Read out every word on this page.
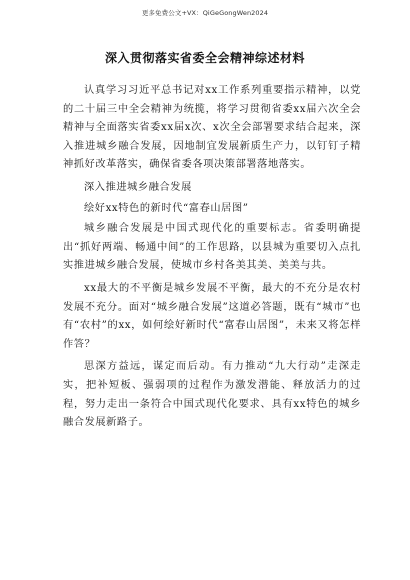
更多免费公文+VX：QiGeGongWen2024
深入贯彻落实省委全会精神综述材料

认真学习习近平总书记对xx工作系列重要指示精神，以党的二十届三中全会精神为统揽，将学习贯彻省委xx届六次全会精神与全面落实省委xx届x次、x次全会部署要求结合起来，深入推进城乡融合发展，因地制宜发展新质生产力，以钉钉子精神抓好改革落实，确保省委各项决策部署落地落实。

深入推进城乡融合发展

绘好xx特色的新时代“富春山居图”

城乡融合发展是中国式现代化的重要标志。省委明确提出“抓好两端、畅通中间”的工作思路，以县城为重要切入点扎实推进城乡融合发展，使城市乡村各美其美、美美与共。

xx最大的不平衡是城乡发展不平衡，最大的不充分是农村发展不充分。面对“城乡融合发展”这道必答题，既有“城市”也有“农村”的xx，如何绘好新时代“富春山居图”，未来又将怎样作答？

思深方益远，谋定而后动。有力推动“九大行动”走深走实，把补短板、强弱项的过程作为激发潜能、释放活力的过程，努力走出一条符合中国式现代化要求、具有xx特色的城乡融合发展新路子。
